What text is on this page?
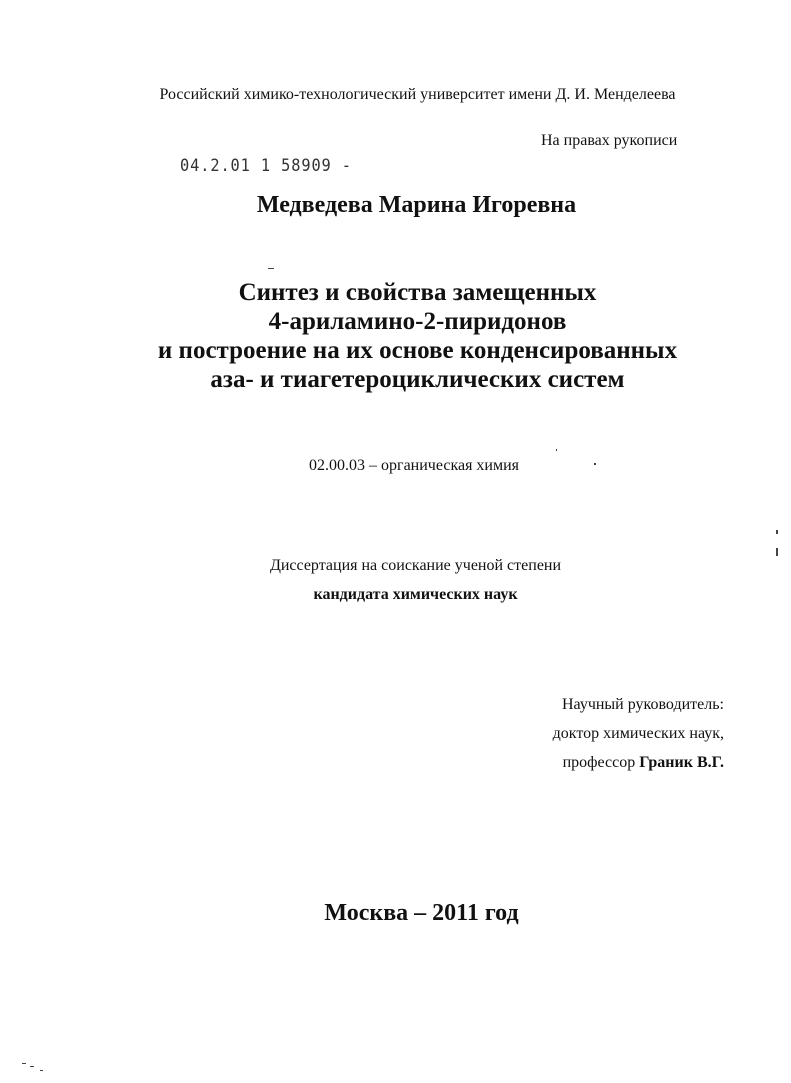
Российский химико-технологический университет имени Д. И. Менделеева
На правах рукописи
04.2.01 1 58909 -
Медведева Марина Игоревна
Синтез и свойства замещенных
4-ариламино-2-пиридонов
и построение на их основе конденсированных
аза- и тиагетероциклических систем
02.00.03 – органическая химия
Диссертация на соискание ученой степени
кандидата химических наук
Научный руководитель:
доктор химических наук,
профессор Граник В.Г.
Москва – 2011 год
